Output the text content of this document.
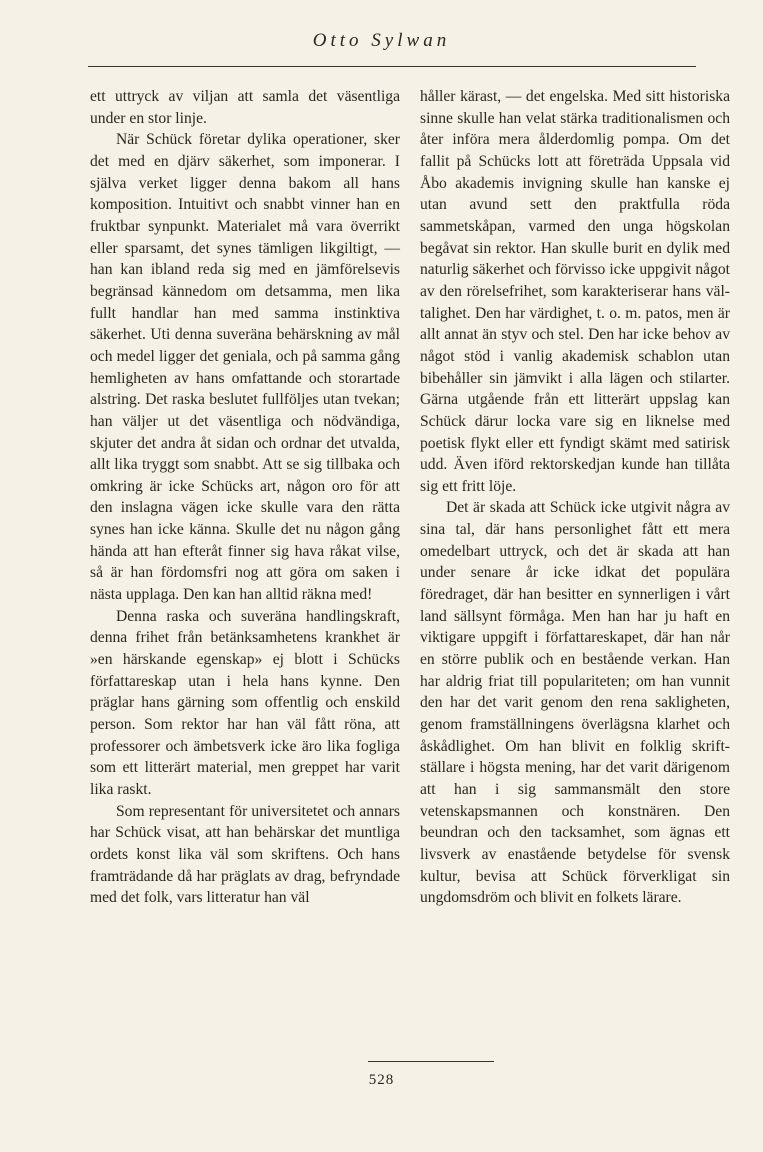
Otto Sylwan

ett uttryck av viljan att samla det väsentliga under en stor linje.

När Schück företar dylika operationer, sker det med en djärv säkerhet, som imponerar. I själva verket ligger denna bakom all hans komposition. Intuitivt och snabbt vinner han en fruktbar synpunkt. Materialet må vara överrikt eller sparsamt, det synes tämligen likgiltigt, — han kan ibland reda sig med en jämförelsevis begränsad kännedom om detsamma, men lika fullt handlar han med samma instinktiva säkerhet. Uti denna suveräna behärskning av mål och medel ligger det geniala, och på samma gång hemligheten av hans omfattande och storartade alstring. Det raska beslutet fullföljes utan tvekan; han väljer ut det väsentliga och nödvändiga, skjuter det andra åt sidan och ordnar det utvalda, allt lika tryggt som snabbt. Att se sig tillbaka och omkring är icke Schücks art, någon oro för att den inslagna vägen icke skulle vara den rätta synes han icke känna. Skulle det nu någon gång hända att han efteråt finner sig hava råkat vilse, så är han fördomsfri nog att göra om saken i nästa upplaga. Den kan han alltid räkna med!

Denna raska och suveräna handlingskraft, denna frihet från betänksamhetens krankhet är »en härskande egenskap» ej blott i Schücks författareskap utan i hela hans kynne. Den präglar hans gärning som offentlig och enskild person. Som rektor har han väl fått röna, att professorer och ämbetsverk icke äro lika fogliga som ett litterärt material, men greppet har varit lika raskt.

Som representant för universitetet och annars har Schück visat, att han behärskar det muntliga ordets konst lika väl som skriftens. Och hans framträdande då har präglats av drag, befryndade med det folk, vars litteratur han väl

håller kärast, — det engelska. Med sitt historiska sinne skulle han velat stärka traditionalismen och åter införa mera ålderdomlig pompa. Om det fallit på Schücks lott att företräda Uppsala vid Åbo akademis invigning skulle han kanske ej utan avund sett den praktfulla röda sammetskåpan, varmed den unga högskolan begåvat sin rektor. Han skulle burit en dylik med naturlig säkerhet och förvisso icke uppgivit något av den rörelsefrihet, som karakteriserar hans vältalighet. Den har värdighet, t. o. m. patos, men är allt annat än styv och stel. Den har icke behov av något stöd i vanlig akademisk schablon utan bibehåller sin jämvikt i alla lägen och stilarter. Gärna utgående från ett litterärt uppslag kan Schück därur locka vare sig en liknelse med poetisk flykt eller ett fyndigt skämt med satirisk udd. Även iförd rektorskedjan kunde han tillåta sig ett fritt löje.

Det är skada att Schück icke utgivit några av sina tal, där hans personlighet fått ett mera omedelbart uttryck, och det är skada att han under senare år icke idkat det populära föredraget, där han besitter en synnerligen i vårt land sällsynt förmåga. Men han har ju haft en viktigare uppgift i författareskapet, där han når en större publik och en bestående verkan. Han har aldrig friat till populariteten; om han vunnit den har det varit genom den rena sakligheten, genom framställningens överlägsna klarhet och åskådlighet. Om han blivit en folklig skriftställare i högsta mening, har det varit därigenom att han i sig sammansmält den store vetenskapsmannen och konstnären. Den beundran och den tacksamhet, som ägnas ett livsverk av enastående betydelse för svensk kultur, bevisa att Schück förverkligat sin ungdomsdröm och blivit en folkets lärare.

528
